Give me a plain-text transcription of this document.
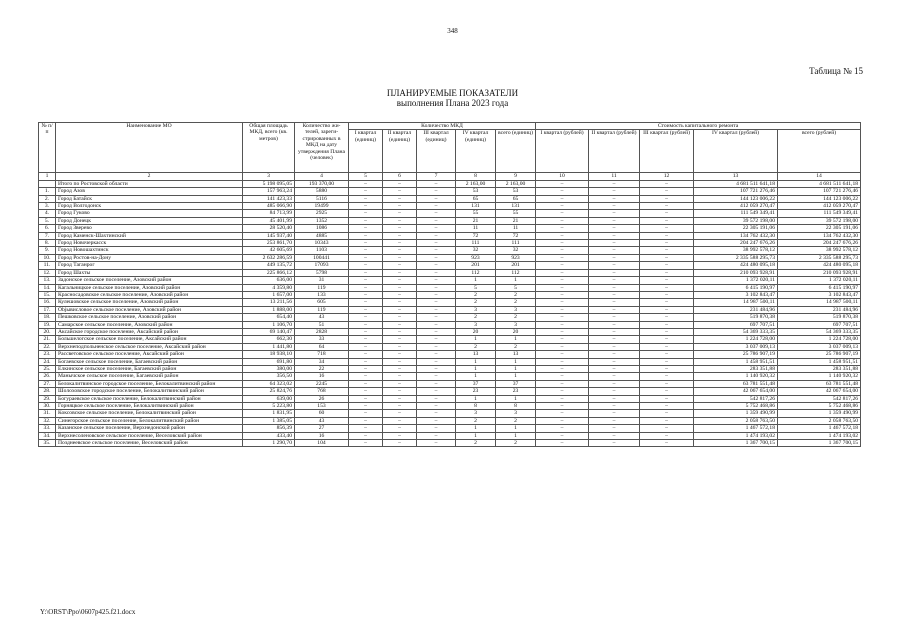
348
Таблица № 15
ПЛАНИРУЕМЫЕ ПОКАЗАТЕЛИ
выполнения Плана 2023 года
№ п/п	Наименование МО	Общая площадь МКД, всего (кв. метров)	Количество жи-телей, зареги-стрированных в МКД на дату утверждения Плана (человек)	Количество МКД					Стоимость капитального ремонта				
				I квартал (единиц)	II квартал (единиц)	III квартал (единиц)	IV квартал (единиц)	всего (единиц)	I квартал (рублей)	II квартал (рублей)	III квартал (рублей)	IV квартал (рублей)	всего (рублей)
1	2	3	4	5	6	7	8	9	10	11	12	13	14
	Итого по Ростовской области	5 198 095,05	193 370,00	–	–	–	2 163,00	2 163,00	–	–	–	4 681 511 641,18	4 681 511 641,18
1.	Город Азов	157 963,24	5880	–	–	–	53	53	–	–	–	107 721 276,46	107 721 276,46
2.	Город Батайск	141 423,33	5116	–	–	–	65	65	–	–	–	144 123 006,22	144 123 006,22
3.	Город Волгодонск	485 066,90	19499	–	–	–	131	131	–	–	–	412 059 270,47	412 059 270,47
4.	Город Гуково	84 713,99	2925	–	–	–	55	55	–	–	–	111 549 349,41	111 549 349,41
5.	Город Донецк	45 401,99	1352	–	–	–	21	21	–	–	–	39 572 198,00	39 572 198,00
6.	Город Зверево	28 520,40	1086	–	–	–	11	11	–	–	–	22 305 191,06	22 305 191,06
7.	Город Каменск-Шахтинский	145 937,40	4885	–	–	–	72	72	–	–	–	134 762 432,30	134 762 432,30
8.	Город Новочеркасск	253 861,70	10343	–	–	–	111	111	–	–	–	204 247 676,26	204 247 676,26
9.	Город Новошахтинск	42 605,69	1103	–	–	–	32	32	–	–	–	38 992 578,12	38 992 578,12
10.	Город Ростов-на-Дону	2 632 286,59	100441	–	–	–	923	923	–	–	–	2 335 588 295,73	2 335 588 295,73
11.	Город Таганрог	449 135,72	17093	–	–	–	201	201	–	–	–	424 480 095,18	424 480 095,18
12.	Город Шахты	225 866,12	5798	–	–	–	112	112	–	–	–	210 093 928,91	210 093 928,91
13.	Задонское сельское поселение, Азовский район	636,00	31	–	–	–	1	1	–	–	–	1 372 020,11	1 372 020,11
14.	Кагальницкое сельское поселение, Азовский район	4 359,80	119	–	–	–	5	5	–	–	–	6 415 190,97	6 415 190,97
15.	Красносадовское сельское поселение, Азовский район	1 657,00	133	–	–	–	2	2	–	–	–	3 102 843,47	3 102 843,47
16.	Кулешовское сельское поселение, Азовский район	13 211,56	605	–	–	–	2	2	–	–	–	14 987 500,11	14 987 500,11
17.	Objывисловое сельское поселение, Азовский район	1 888,00	119	–	–	–	3	3	–	–	–	231 484,96	231 484,96
18.	Пешковское сельское поселение, Азовский район	654,40	43	–	–	–	2	2	–	–	–	519 870,38	519 870,38
19.	Самарское сельское поселение, Азовский район	1 106,70	51	–	–	–	3	3	–	–	–	697 707,51	697 707,51
20.	Аксайское городское поселение, Аксайский район	69 140,47	2828	–	–	–	20	20	–	–	–	54 369 333,35	54 369 333,35
21.	Большелогское сельское поселение, Аксайский район	662,30	33	–	–	–	1	1	–	–	–	1 224 728,00	1 224 728,00
22.	Верхнеподпольненское сельское поселение, Аксайский район	1 441,80	64	–	–	–	2	2	–	–	–	3 037 009,13	3 037 009,13
23.	Рассветовское сельское поселение, Аксайский район	18 938,10	718	–	–	–	13	13	–	–	–	25 786 907,19	25 786 907,19
24.	Богаевское сельское поселение, Багаевский район	691,80	34	–	–	–	1	1	–	–	–	1 458 951,51	1 458 951,51
25.	Елкинское сельское поселение, Багаевский район	380,00	22	–	–	–	1	1	–	–	–	283 351,88	283 351,88
26.	Манычское сельское поселение, Багаевский район	356,50	16	–	–	–	1	1	–	–	–	1 140 920,32	1 140 920,32
27.	Белокалитвинское городское поселение, Белокалитвинский район	64 323,02	2245	–	–	–	37	37	–	–	–	63 781 551,48	63 781 551,48
28.	Шолоховское городское поселение, Белокалитвинский район	25 824,76	768	–	–	–	23	23	–	–	–	42 067 654,00	42 067 654,00
29.	Богураевское сельское поселение, Белокалитвинский район	639,00	26	–	–	–	1	1	–	–	–	542 817,26	542 817,26
30.	Горняцкое сельское поселение, Белокалитвинский район	5 223,80	153	–	–	–	8	8	–	–	–	5 752 468,86	5 752 468,86
31.	Коксовское сельское поселение, Белокалитвинский район	1 831,95	60	–	–	–	3	3	–	–	–	1 359 490,99	1 359 490,99
32.	Синегорское сельское поселение, Белокалитвинский район	1 385,05	43	–	–	–	2	2	–	–	–	2 058 763,50	2 058 763,50
33.	Казанское сельское поселение, Верхнедонской район	856,39	27	–	–	–	1	1	–	–	–	1 467 572,18	1 467 572,18
34.	Верхнесоленовское сельское поселение, Веселовский район	433,40	16	–	–	–	1	1	–	–	–	1 474 193,02	1 474 193,02
35.	Позднеевское сельское поселение, Веселовский район	1 290,70	104	–	–	–	2	2	–	–	–	1 367 700,15	1 367 700,15
Y:\ORST\Ppo\0607p425.f21.docx
